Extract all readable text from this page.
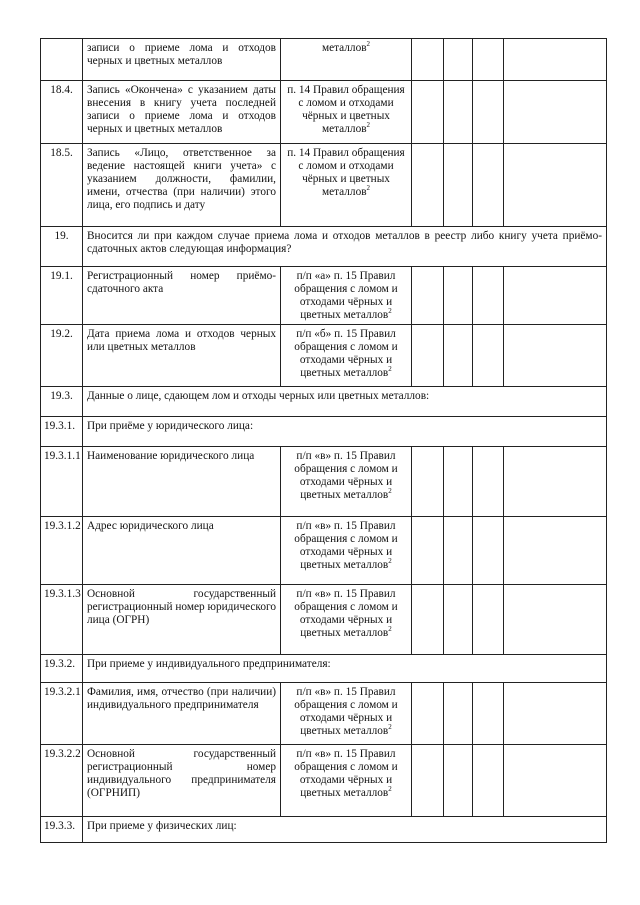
	записи о приеме лома и отходов черных и цветных металлов	металлов$^2$				
18.4.	Запись «Окончена» с указанием даты внесения в книгу учета последней записи о приеме лома и отходов черных и цветных металлов	п. 14 Правил обращения с ломом и отходами чёрных и цветных металлов$^2$				
18.5.	Запись «Лицо, ответственное за ведение настоящей книги учета» с указанием должности, фамилии, имени, отчества (при наличии) этого лица, его подпись и дату	п. 14 Правил обращения с ломом и отходами чёрных и цветных металлов$^2$				
19.	Вносится ли при каждом случае приема лома и отходов металлов в реестр либо книгу учета приёмо-сдаточных актов следующая информация?					
19.1.	Регистрационный номер приёмо-сдаточного акта	п/п «а» п. 15 Правил обращения с ломом и отходами чёрных и цветных металлов$^2$				
19.2.	Дата приема лома и отходов черных или цветных металлов	п/п «б» п. 15 Правил обращения с ломом и отходами чёрных и цветных металлов$^2$				
19.3.	Данные о лице, сдающем лом и отходы черных или цветных металлов:					
19.3.1.	При приёме у юридического лица:					
19.3.1.1	Наименование юридического лица	п/п «в» п. 15 Правил обращения с ломом и отходами чёрных и цветных металлов$^2$				
19.3.1.2	Адрес юридического лица	п/п «в» п. 15 Правил обращения с ломом и отходами чёрных и цветных металлов$^2$				
19.3.1.3	Основной государственный регистрационный номер юридического лица (ОГРН)	п/п «в» п. 15 Правил обращения с ломом и отходами чёрных и цветных металлов$^2$				
19.3.2.	При приеме у индивидуального предпринимателя:					
19.3.2.1	Фамилия, имя, отчество (при наличии) индивидуального предпринимателя	п/п «в» п. 15 Правил обращения с ломом и отходами чёрных и цветных металлов$^2$				
19.3.2.2	Основной государственный регистрационный номер индивидуального предпринимателя (ОГРНИП)	п/п «в» п. 15 Правил обращения с ломом и отходами чёрных и цветных металлов$^2$				
19.3.3.	При приеме у физических лиц:					
